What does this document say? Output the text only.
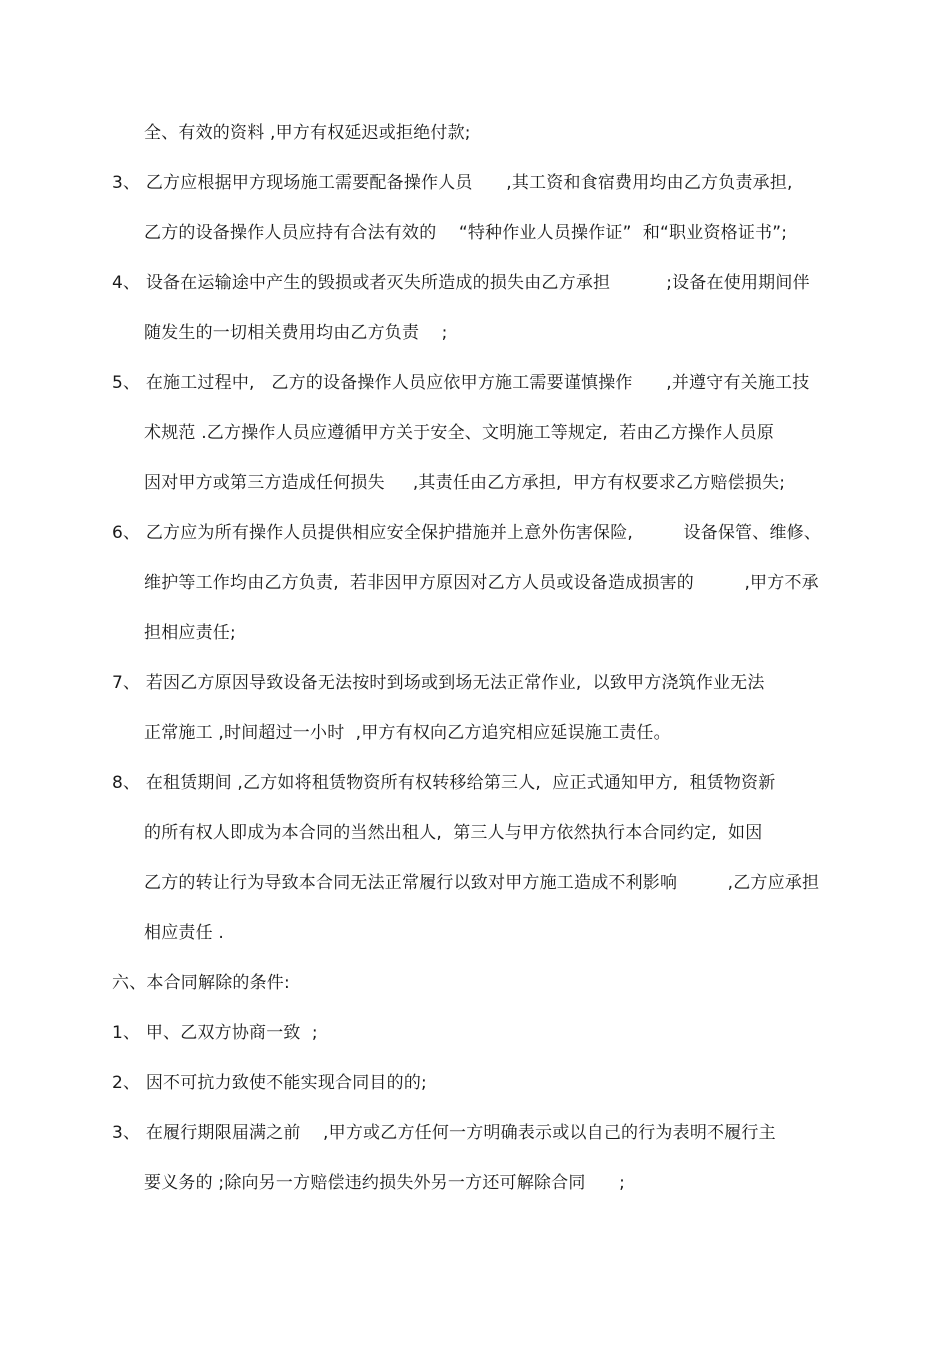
全、有效的资料 ,甲方有权延迟或拒绝付款;
3、 乙方应根据甲方现场施工需要配备操作人员      ,其工资和食宿费用均由乙方负责承担,
乙方的设备操作人员应持有合法有效的    “特种作业人员操作证”  和“职业资格证书”;
4、 设备在运输途中产生的毁损或者灭失所造成的损失由乙方承担          ;设备在使用期间伴
随发生的一切相关费用均由乙方负责    ;
5、 在施工过程中,   乙方的设备操作人员应依甲方施工需要谨慎操作      ,并遵守有关施工技
术规范 .乙方操作人员应遵循甲方关于安全、文明施工等规定,  若由乙方操作人员原
因对甲方或第三方造成任何损失     ,其责任由乙方承担,  甲方有权要求乙方赔偿损失;
6、 乙方应为所有操作人员提供相应安全保护措施并上意外伤害保险,         设备保管、维修、
维护等工作均由乙方负责,  若非因甲方原因对乙方人员或设备造成损害的         ,甲方不承
担相应责任;
7、 若因乙方原因导致设备无法按时到场或到场无法正常作业,  以致甲方浇筑作业无法
正常施工 ,时间超过一小时  ,甲方有权向乙方追究相应延误施工责任。
8、 在租赁期间 ,乙方如将租赁物资所有权转移给第三人,  应正式通知甲方,  租赁物资新
的所有权人即成为本合同的当然出租人,  第三人与甲方依然执行本合同约定,  如因
乙方的转让行为导致本合同无法正常履行以致对甲方施工造成不利影响         ,乙方应承担
相应责任 .
六、本合同解除的条件:
1、 甲、乙双方协商一致  ;
2、 因不可抗力致使不能实现合同目的的;
3、 在履行期限届满之前    ,甲方或乙方任何一方明确表示或以自己的行为表明不履行主
要义务的 ;除向另一方赔偿违约损失外另一方还可解除合同      ;
